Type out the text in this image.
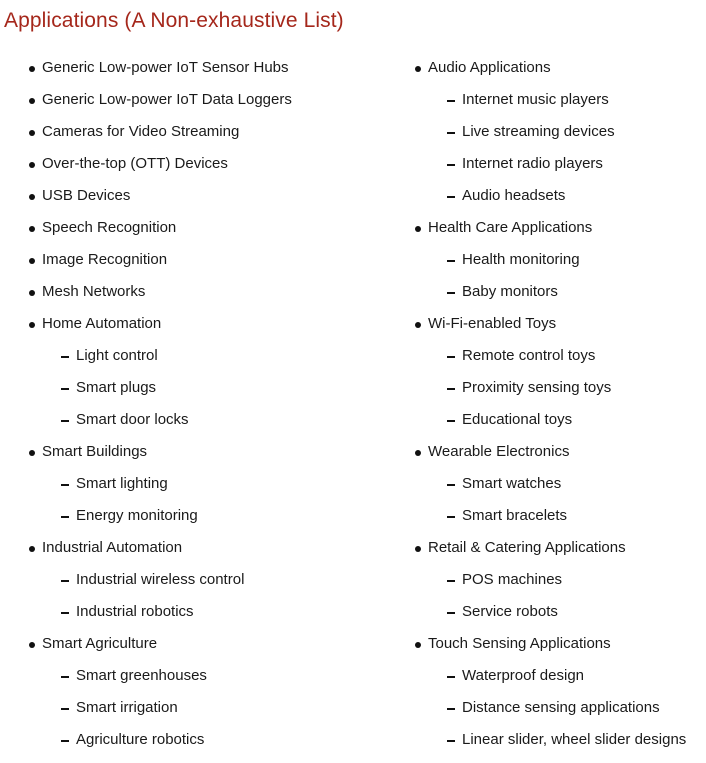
Applications (A Non-exhaustive List)
Generic Low-power IoT Sensor Hubs
Generic Low-power IoT Data Loggers
Cameras for Video Streaming
Over-the-top (OTT) Devices
USB Devices
Speech Recognition
Image Recognition
Mesh Networks
Home Automation
Light control
Smart plugs
Smart door locks
Smart Buildings
Smart lighting
Energy monitoring
Industrial Automation
Industrial wireless control
Industrial robotics
Smart Agriculture
Smart greenhouses
Smart irrigation
Agriculture robotics
Audio Applications
Internet music players
Live streaming devices
Internet radio players
Audio headsets
Health Care Applications
Health monitoring
Baby monitors
Wi-Fi-enabled Toys
Remote control toys
Proximity sensing toys
Educational toys
Wearable Electronics
Smart watches
Smart bracelets
Retail & Catering Applications
POS machines
Service robots
Touch Sensing Applications
Waterproof design
Distance sensing applications
Linear slider, wheel slider designs
